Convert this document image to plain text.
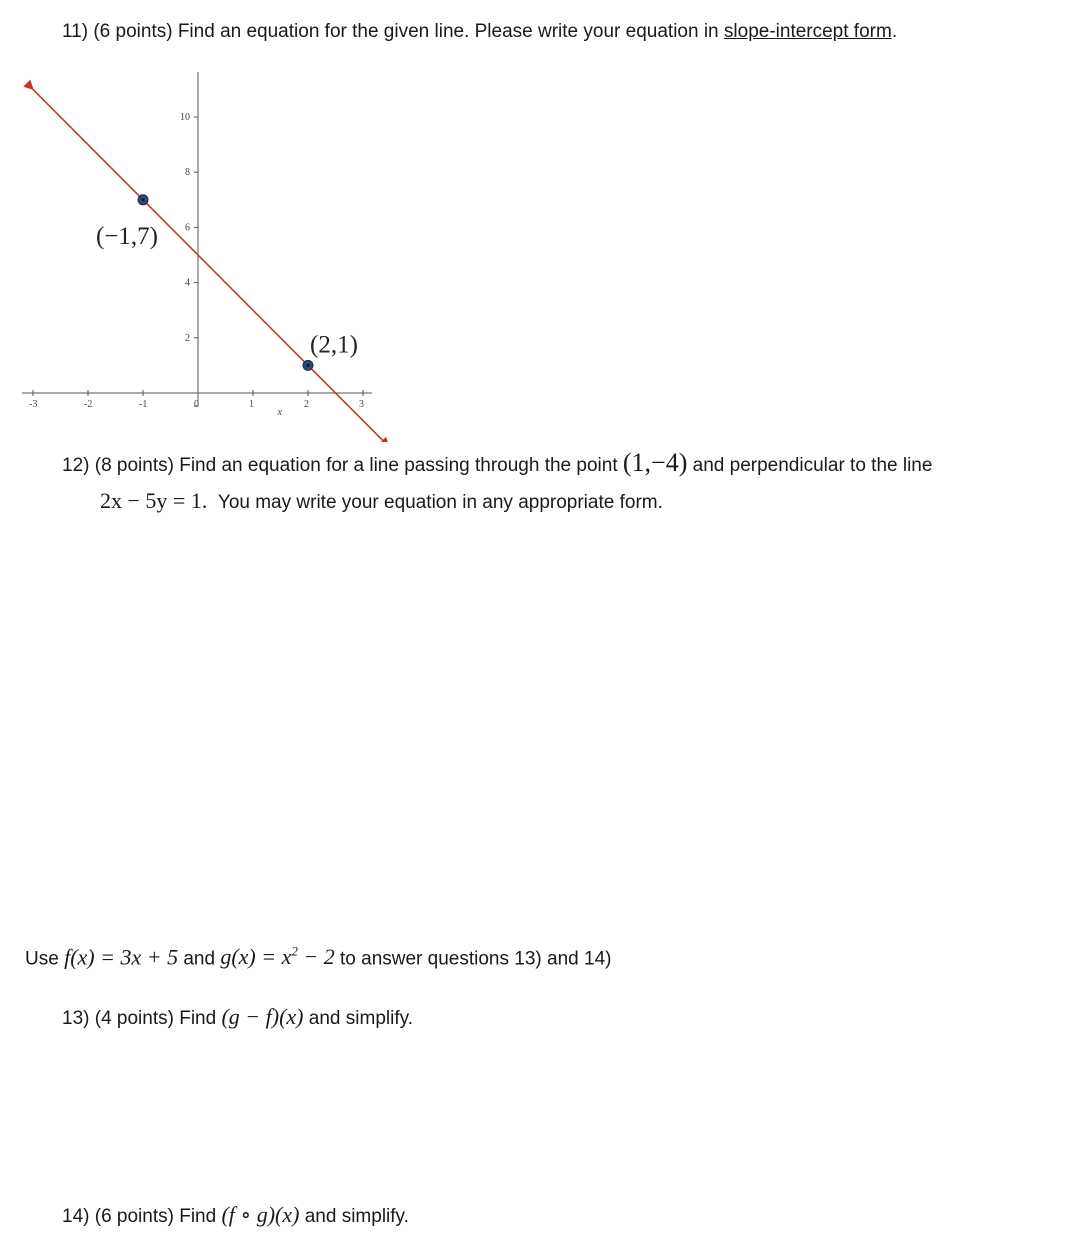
11) (6 points) Find an equation for the given line. Please write your equation in slope-intercept form.
-3	-2	-1	0	1	2	3
2
4
6
8
10
x
(−1,7)
(2,1)
12) (8 points) Find an equation for a line passing through the point (1,−4) and perpendicular to the line
2x − 5y = 1. You may write your equation in any appropriate form.
Use f(x) = 3x + 5 and $g(x) = x^2 - 2$ to answer questions 13) and 14)
13) (4 points) Find (g − f)(x) and simplify.
14) (6 points) Find (f ∘ g)(x) and simplify.
